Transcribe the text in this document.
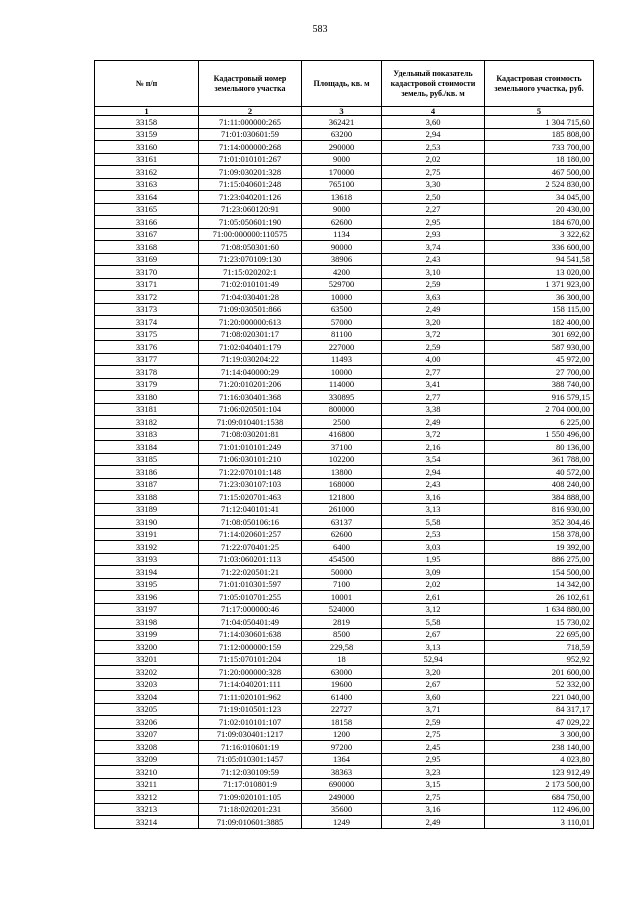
583
№ п/п	Кадастровый номер земельного участка	Площадь, кв. м	Удельный показатель кадастровой стоимости земель, руб./кв. м	Кадастровая стоимость земельного участка, руб.
1	2	3	4	5
33158	71:11:000000:265	362421	3,60	1 304 715,60
33159	71:01:030601:59	63200	2,94	185 808,00
33160	71:14:000000:268	290000	2,53	733 700,00
33161	71:01:010101:267	9000	2,02	18 180,00
33162	71:09:030201:328	170000	2,75	467 500,00
33163	71:15:040601:248	765100	3,30	2 524 830,00
33164	71:23:040201:126	13618	2,50	34 045,00
33165	71:23:060120:91	9000	2,27	20 430,00
33166	71:05:050601:190	62600	2,95	184 670,00
33167	71:00:000000:110575	1134	2,93	3 322,62
33168	71:08:050301:60	90000	3,74	336 600,00
33169	71:23:070109:130	38906	2,43	94 541,58
33170	71:15:020202:1	4200	3,10	13 020,00
33171	71:02:010101:49	529700	2,59	1 371 923,00
33172	71:04:030401:28	10000	3,63	36 300,00
33173	71:09:030501:866	63500	2,49	158 115,00
33174	71:20:000000:613	57000	3,20	182 400,00
33175	71:08:020301:17	81100	3,72	301 692,00
33176	71:02:040401:179	227000	2,59	587 930,00
33177	71:19:030204:22	11493	4,00	45 972,00
33178	71:14:040000:29	10000	2,77	27 700,00
33179	71:20:010201:206	114000	3,41	388 740,00
33180	71:16:030401:368	330895	2,77	916 579,15
33181	71:06:020501:104	800000	3,38	2 704 000,00
33182	71:09:010401:1538	2500	2,49	6 225,00
33183	71:08:030201:81	416800	3,72	1 550 496,00
33184	71:01:010101:249	37100	2,16	80 136,00
33185	71:06:030101:210	102200	3,54	361 788,00
33186	71:22:070101:148	13800	2,94	40 572,00
33187	71:23:030107:103	168000	2,43	408 240,00
33188	71:15:020701:463	121800	3,16	384 888,00
33189	71:12:040101:41	261000	3,13	816 930,00
33190	71:08:050106:16	63137	5,58	352 304,46
33191	71:14:020601:257	62600	2,53	158 378,00
33192	71:22:070401:25	6400	3,03	19 392,00
33193	71:03:060201:113	454500	1,95	886 275,00
33194	71:22:020501:21	50000	3,09	154 500,00
33195	71:01:010301:597	7100	2,02	14 342,00
33196	71:05:010701:255	10001	2,61	26 102,61
33197	71:17:000000:46	524000	3,12	1 634 880,00
33198	71:04:050401:49	2819	5,58	15 730,02
33199	71:14:030601:638	8500	2,67	22 695,00
33200	71:12:000000:159	229,58	3,13	718,59
33201	71:15:070101:204	18	52,94	952,92
33202	71:20:000000:328	63000	3,20	201 600,00
33203	71:14:040201:111	19600	2,67	52 332,00
33204	71:11:020101:962	61400	3,60	221 040,00
33205	71:19:010501:123	22727	3,71	84 317,17
33206	71:02:010101:107	18158	2,59	47 029,22
33207	71:09:030401:1217	1200	2,75	3 300,00
33208	71:16:010601:19	97200	2,45	238 140,00
33209	71:05:010301:1457	1364	2,95	4 023,80
33210	71:12:030109:59	38363	3,23	123 912,49
33211	71:17:010801:9	690000	3,15	2 173 500,00
33212	71:09:020101:105	249000	2,75	684 750,00
33213	71:18:020201:231	35600	3,16	112 496,00
33214	71:09:010601:3885	1249	2,49	3 110,01
